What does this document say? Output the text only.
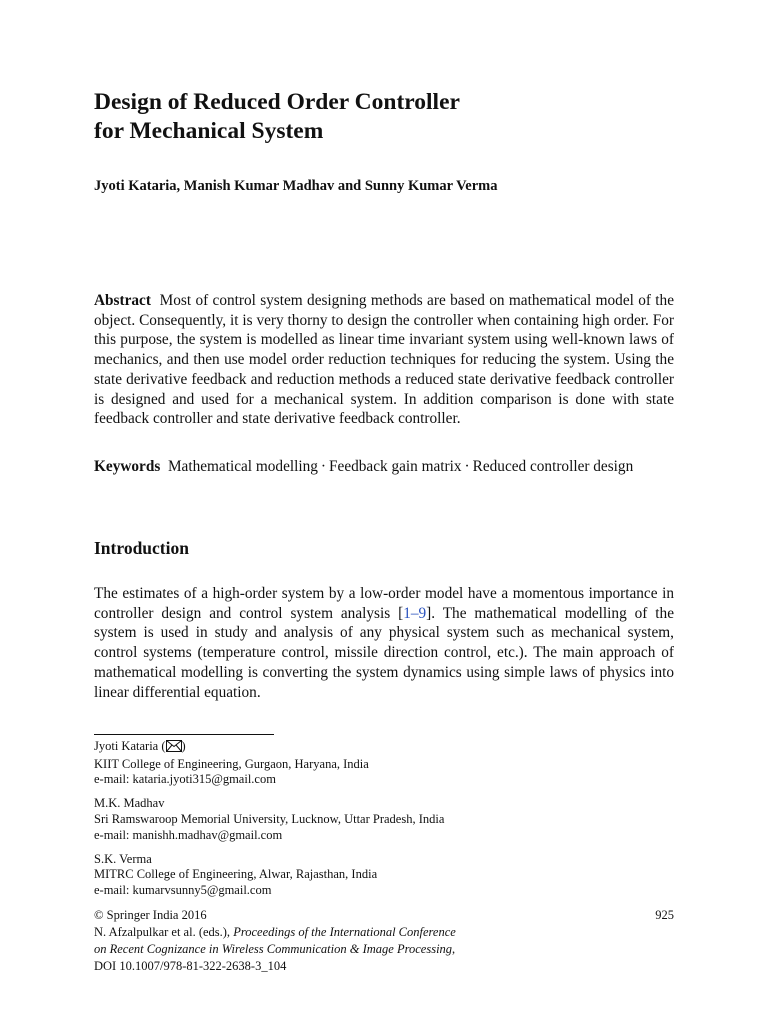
Design of Reduced Order Controller
for Mechanical System

Jyoti Kataria, Manish Kumar Madhav and Sunny Kumar Verma

Abstract Most of control system designing methods are based on mathematical model of the object. Consequently, it is very thorny to design the controller when containing high order. For this purpose, the system is modelled as linear time invariant system using well-known laws of mechanics, and then use model order reduction techniques for reducing the system. Using the state derivative feedback and reduction methods a reduced state derivative feedback controller is designed and used for a mechanical system. In addition comparison is done with state feedback controller and state derivative feedback controller.

Keywords Mathematical modelling · Feedback gain matrix · Reduced controller design

Introduction

The estimates of a high-order system by a low-order model have a momentous importance in controller design and control system analysis [1–9]. The mathematical modelling of the system is used in study and analysis of any physical system such as mechanical system, control systems (temperature control, missile direction control, etc.). The main approach of mathematical modelling is converting the system dynamics using simple laws of physics into linear differential equation.

Jyoti Kataria ( )
KIIT College of Engineering, Gurgaon, Haryana, India
e-mail: kataria.jyoti315@gmail.com
M.K. Madhav
Sri Ramswaroop Memorial University, Lucknow, Uttar Pradesh, India
e-mail: manishh.madhav@gmail.com
S.K. Verma
MITRC College of Engineering, Alwar, Rajasthan, India
e-mail: kumarvsunny5@gmail.com
© Springer India 2016	925
N. Afzalpulkar et al. (eds.), Proceedings of the International Conference
on Recent Cognizance in Wireless Communication & Image Processing,
DOI 10.1007/978-81-322-2638-3_104
